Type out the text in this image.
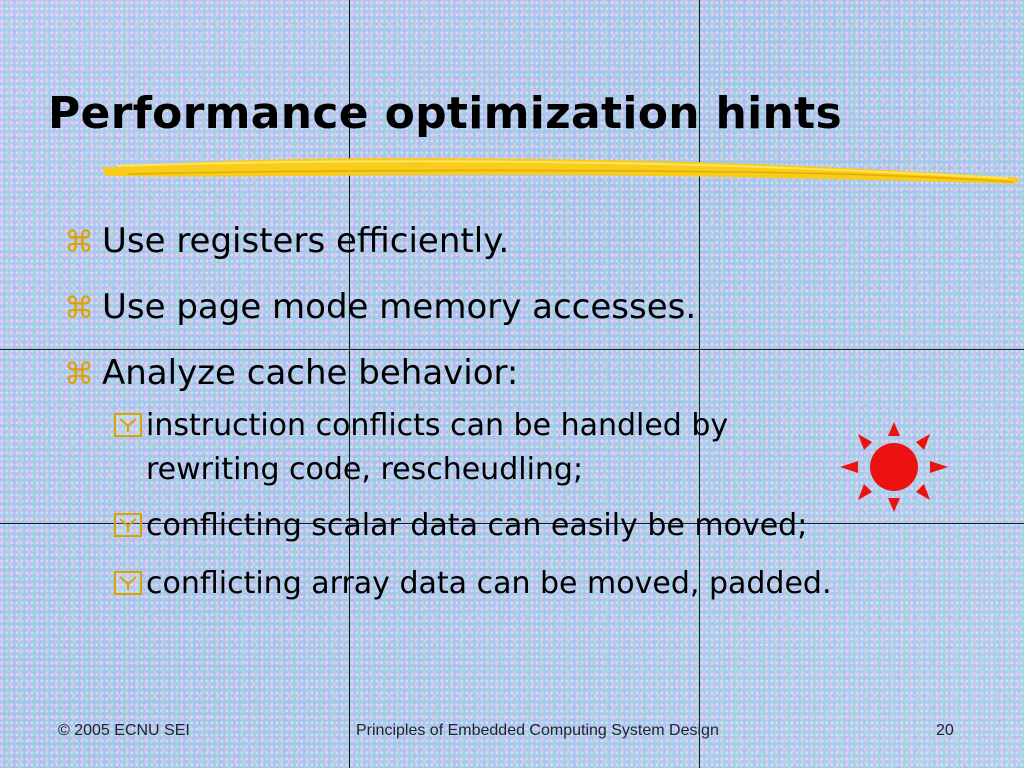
Performance optimization hints
⌘ Use registers efficiently.
⌘ Use page mode memory accesses.
⌘ Analyze cache behavior:
instruction conflicts can be handled by
rewriting code, rescheudling;
conflicting scalar data can easily be moved;
conflicting array data can be moved, padded.
© 2005 ECNU SEI	Principles of Embedded Computing System Design	20
